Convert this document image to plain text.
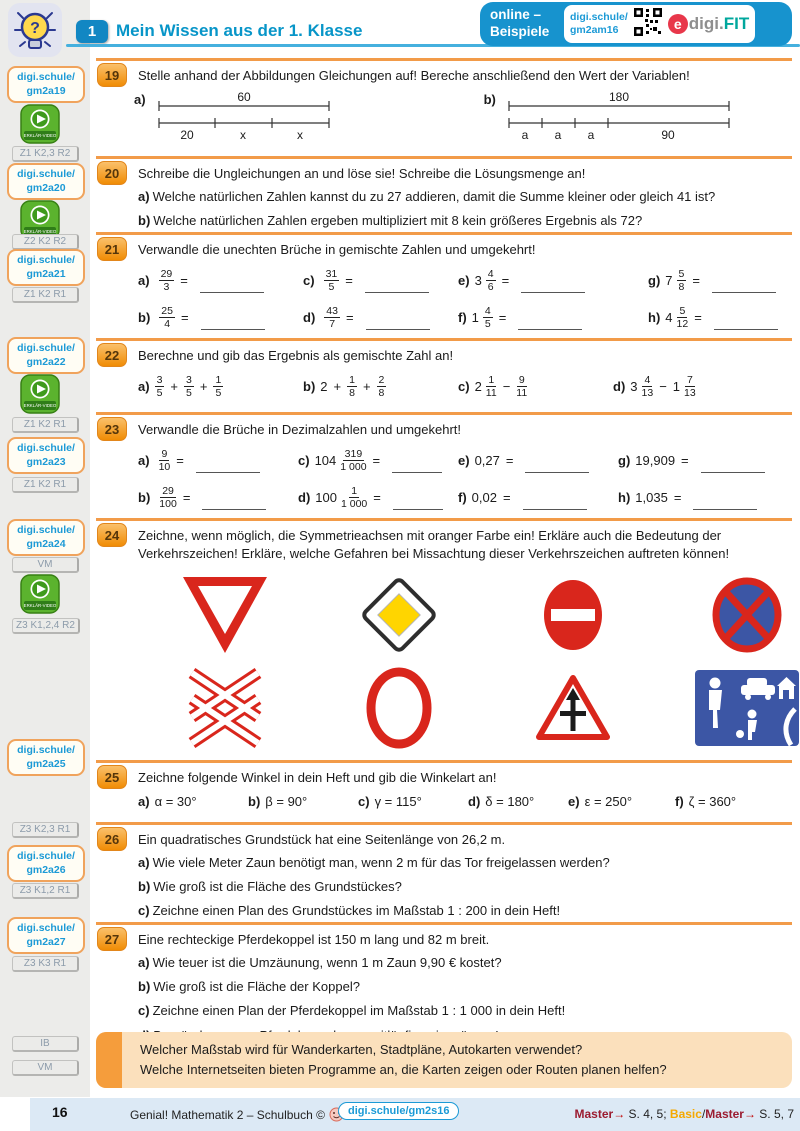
?	1	Mein Wissen aus der 1. Klasse
online –
Beispiele
digi.schule/
gm2am16	e digi. FIT
digi.schule/
gm2a19
ERKLÄR-VIDEO
Z1 K2,3 R2
digi.schule/
gm2a20
ERKLÄR-VIDEO
Z2 K2 R2
digi.schule/
gm2a21
Z1 K2 R1
digi.schule/
gm2a22
ERKLÄR-VIDEO
Z1 K2 R1
digi.schule/
gm2a23
Z1 K2 R1
digi.schule/
gm2a24
VM
ERKLÄR-VIDEO
Z3 K1,2,4 R2
digi.schule/
gm2a25
Z3 K2,3 R1
digi.schule/
gm2a26
Z3 K1,2 R1
digi.schule/
gm2a27
Z3 K3 R1
IB
VM
19	Stelle anhand der Abbildungen Gleichungen auf! Bereche anschließend den Wert der Variablen!

a)	60
20	x	x
b)	180
a a a	90
20	Schreibe die Ungleichungen an und löse sie! Schreibe die Lösungsmenge an!

a) Welche natürlichen Zahlen kannst du zu 27 addieren, damit die Summe kleiner oder gleich 41 ist?

b) Welche natürlichen Zahlen ergeben multipliziert mit 8 kein größeres Ergebnis als 72?

21	Verwandle die unechten Brüche in gemischte Zahlen und umgekehrt!

$a) \frac{29}{3}$ =	$c) \frac{31}{5}$ =	e) $3 \frac{4}{6}$ =	g) $7 \frac{5}{8}$ =
$b) \frac{25}{4}$ =	$d) \frac{43}{7}$ =	f) $1 \frac{4}{5}$ =	h) $4 \frac{5}{12}$ =
22	Berechne und gib das Ergebnis als gemischte Zahl an!

$a) \frac{3}{5} + \frac{3}{5} + \frac{1}{5}$	b) $2 + \frac{1}{8} + \frac{2}{8}$	c) $2 \frac{1}{11} - \frac{9}{11}$	d) $3 \frac{4}{13} - 1 \frac{7}{13}$
23	Verwandle die Brüche in Dezimalzahlen und umgekehrt!

$a) \frac{9}{10}$ =	c) $104 \frac{319}{1 000}$ =	e) 0,27 =	g) 19,909 =
$b) \frac{29}{100}$ =	d) $100 \frac{1}{1 000}$ =	f) 0,02 =	h) 1,035 =
24	Zeichne, wenn möglich, die Symmetrieachsen mit oranger Farbe ein! Erkläre auch die Bedeutung der Verkehrszeichen! Erkläre, welche Gefahren bei Missachtung dieser Verkehrszeichen auftreten können!

25	Zeichne folgende Winkel in dein Heft und gib die Winkelart an!

a) α = 30°	b) β = 90°	c) γ = 115°	d) δ = 180°	e) ε = 250°	f) ζ = 360°
26	Ein quadratisches Grundstück hat eine Seitenlänge von 26,2 m.

a) Wie viele Meter Zaun benötigt man, wenn 2 m für das Tor freigelassen werden?

b) Wie groß ist die Fläche des Grundstückes?

c) Zeichne einen Plan des Grundstückes im Maßstab 1 : 200 in dein Heft!

27	Eine rechteckige Pferdekoppel ist 150 m lang und 82 m breit.

a) Wie teuer ist die Umzäunung, wenn 1 m Zaun 9,90 € kostet?

b) Wie groß ist die Fläche der Koppel?

c) Zeichne einen Plan der Pferdekoppel im Maßstab 1 : 1 000 in dein Heft!

Welcher Maßstab wird für Wanderkarten, Stadtpläne, Autokarten verwendet?
Welche Internetseiten bieten Programme an, die Karten zeigen oder Routen planen helfen?
16	Genial! Mathematik 2 – Schulbuch ©	digi.schule/gm2s16	Master→ S. 4, 5; Basic/Master→ S. 5, 7
